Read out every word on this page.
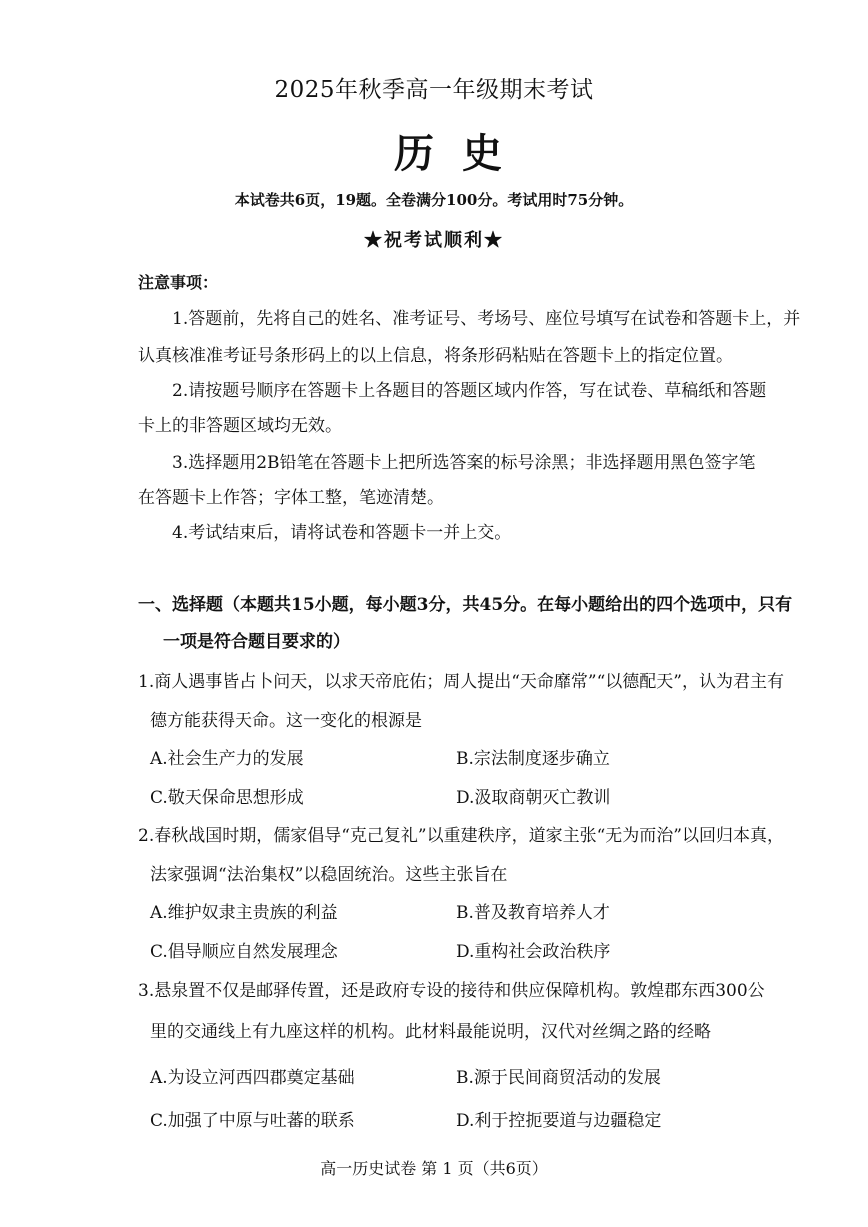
2025年秋季高一年级期末考试
历史
本试卷共6页，19题。全卷满分100分。考试用时75分钟。
★祝考试顺利★
注意事项：
1.答题前，先将自己的姓名、准考证号、考场号、座位号填写在试卷和答题卡上，并
认真核准准考证号条形码上的以上信息，将条形码粘贴在答题卡上的指定位置。
2.请按题号顺序在答题卡上各题目的答题区域内作答，写在试卷、草稿纸和答题
卡上的非答题区域均无效。
3.选择题用2B铅笔在答题卡上把所选答案的标号涂黑；非选择题用黑色签字笔
在答题卡上作答；字体工整，笔迹清楚。
4.考试结束后，请将试卷和答题卡一并上交。
一、选择题（本题共15小题，每小题3分，共45分。在每小题给出的四个选项中，只有
一项是符合题目要求的）
1.商人遇事皆占卜问天，以求天帝庇佑；周人提出“天命靡常”“以德配天”，认为君主有
德方能获得天命。这一变化的根源是
A.社会生产力的发展	B.宗法制度逐步确立
C.敬天保命思想形成	D.汲取商朝灭亡教训
2.春秋战国时期，儒家倡导“克己复礼”以重建秩序，道家主张“无为而治”以回归本真，
法家强调“法治集权”以稳固统治。这些主张旨在
A.维护奴隶主贵族的利益	B.普及教育培养人才
C.倡导顺应自然发展理念	D.重构社会政治秩序
3.悬泉置不仅是邮驿传置，还是政府专设的接待和供应保障机构。敦煌郡东西300公
里的交通线上有九座这样的机构。此材料最能说明，汉代对丝绸之路的经略
A.为设立河西四郡奠定基础	B.源于民间商贸活动的发展
C.加强了中原与吐蕃的联系	D.利于控扼要道与边疆稳定
高一历史试卷 第 1 页（共6页）
